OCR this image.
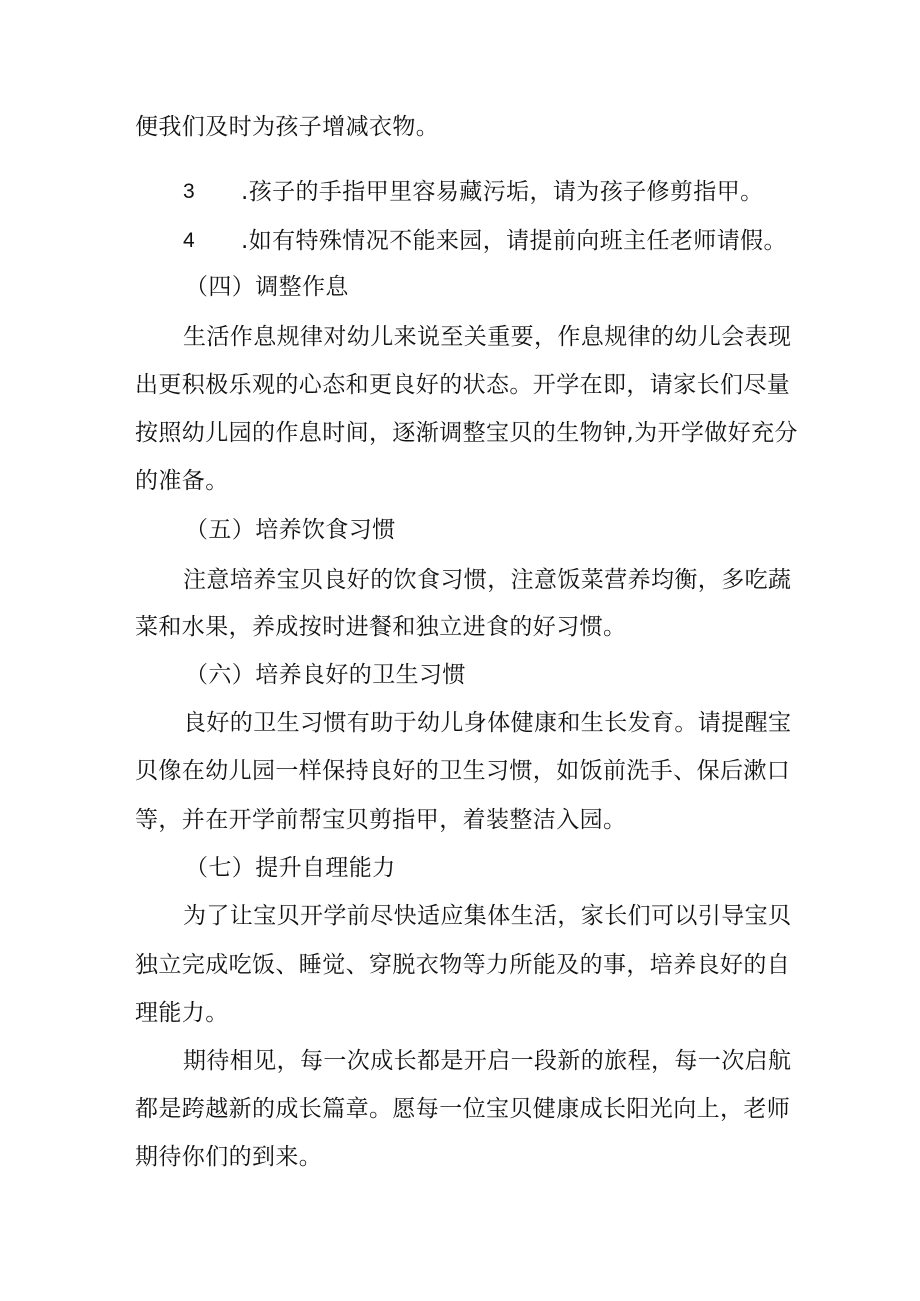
便我们及时为孩子增减衣物。
3 .孩子的手指甲里容易藏污垢，请为孩子修剪指甲。
4 .如有特殊情况不能来园，请提前向班主任老师请假。
（四）调整作息
生活作息规律对幼儿来说至关重要，作息规律的幼儿会表现
出更积极乐观的心态和更良好的状态。开学在即，请家长们尽量
按照幼儿园的作息时间，逐渐调整宝贝的生物钟,为开学做好充分
的准备。
（五）培养饮食习惯
注意培养宝贝良好的饮食习惯，注意饭菜营养均衡，多吃蔬
菜和水果，养成按时进餐和独立进食的好习惯。
（六）培养良好的卫生习惯
良好的卫生习惯有助于幼儿身体健康和生长发育。请提醒宝
贝像在幼儿园一样保持良好的卫生习惯，如饭前洗手、保后漱口
等，并在开学前帮宝贝剪指甲，着装整洁入园。
（七）提升自理能力
为了让宝贝开学前尽快适应集体生活，家长们可以引导宝贝
独立完成吃饭、睡觉、穿脱衣物等力所能及的事，培养良好的自
理能力。
期待相见，每一次成长都是开启一段新的旅程，每一次启航
都是跨越新的成长篇章。愿每一位宝贝健康成长阳光向上，老师
期待你们的到来。
